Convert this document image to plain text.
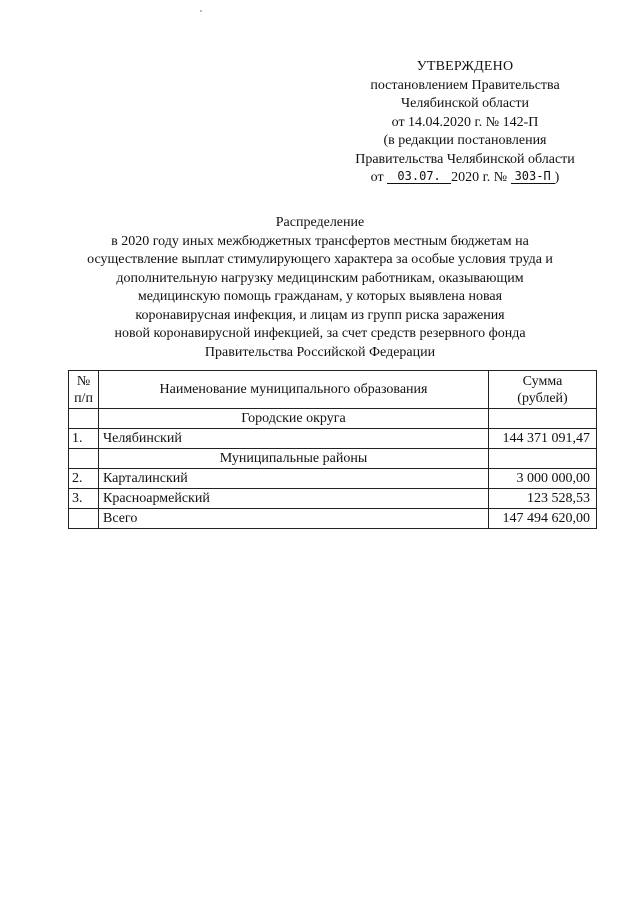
УТВЕРЖДЕНО
постановлением Правительства
Челябинской области
от 14.04.2020 г. № 142-П
(в редакции постановления
Правительства Челябинской области
от 03.07. 2020 г. № 303-П )
Распределение
в 2020 году иных межбюджетных трансфертов местным бюджетам на
осуществление выплат стимулирующего характера за особые условия труда и
дополнительную нагрузку медицинским работникам, оказывающим
медицинскую помощь гражданам, у которых выявлена новая
коронавирусная инфекция, и лицам из групп риска заражения
новой коронавирусной инфекцией, за счет средств резервного фонда
Правительства Российской Федерации
№
п/п	Наименование муниципального образования	Сумма
(рублей)
	Городские округа	
1.	Челябинский	144 371 091,47
	Муниципальные районы	
2.	Карталинский	3 000 000,00
3.	Красноармейский	123 528,53
	Всего	147 494 620,00
